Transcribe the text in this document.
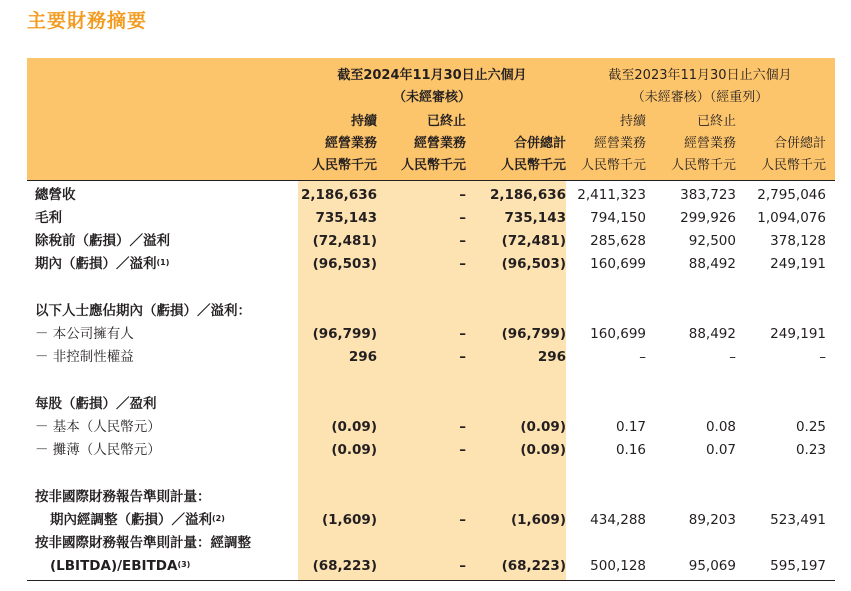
主要財務摘要
截至2024年11月30日止六個月
（未經審核）
截至2023年11月30日止六個月
（未經審核）（經重列）
持續	已終止
經營業務	經營業務	合併總計
人民幣千元 人民幣千元	人民幣千元
持續	已終止
經營業務	經營業務	合併總計
人民幣千元 人民幣千元 人民幣千元
總營收	2,186,636	– 2,186,636 2,411,323	383,723 2,795,046
毛利	735,143	–	735,143 794,150	299,926 1,094,076
除稅前（虧損）／溢利	(72,481)	–	(72,481) 285,628	92,500	378,128
期內（虧損）／溢利$^{(1)}$	(96,503)	–	(96,503) 160,699	88,492	249,191
以下人士應佔期內（虧損）／溢利：
－ 本公司擁有人	(96,799)	–	(96,799) 160,699	88,492	249,191
－ 非控制性權益	296	–	296	–	–	–
每股（虧損）／盈利
－ 基本（人民幣元）	(0.09)	–	(0.09)	0.17	0.08	0.25
－ 攤薄（人民幣元）	(0.09)	–	(0.09)	0.16	0.07	0.23
按非國際財務報告準則計量：
期內經調整（虧損）／溢利$^{(2)}$	(1,609)	–	(1,609) 434,288	89,203	523,491
按非國際財務報告準則計量：經調整
(LBITDA)/EBITDA$^{(3)}$	(68,223)	–	(68,223) 500,128	95,069	595,197
